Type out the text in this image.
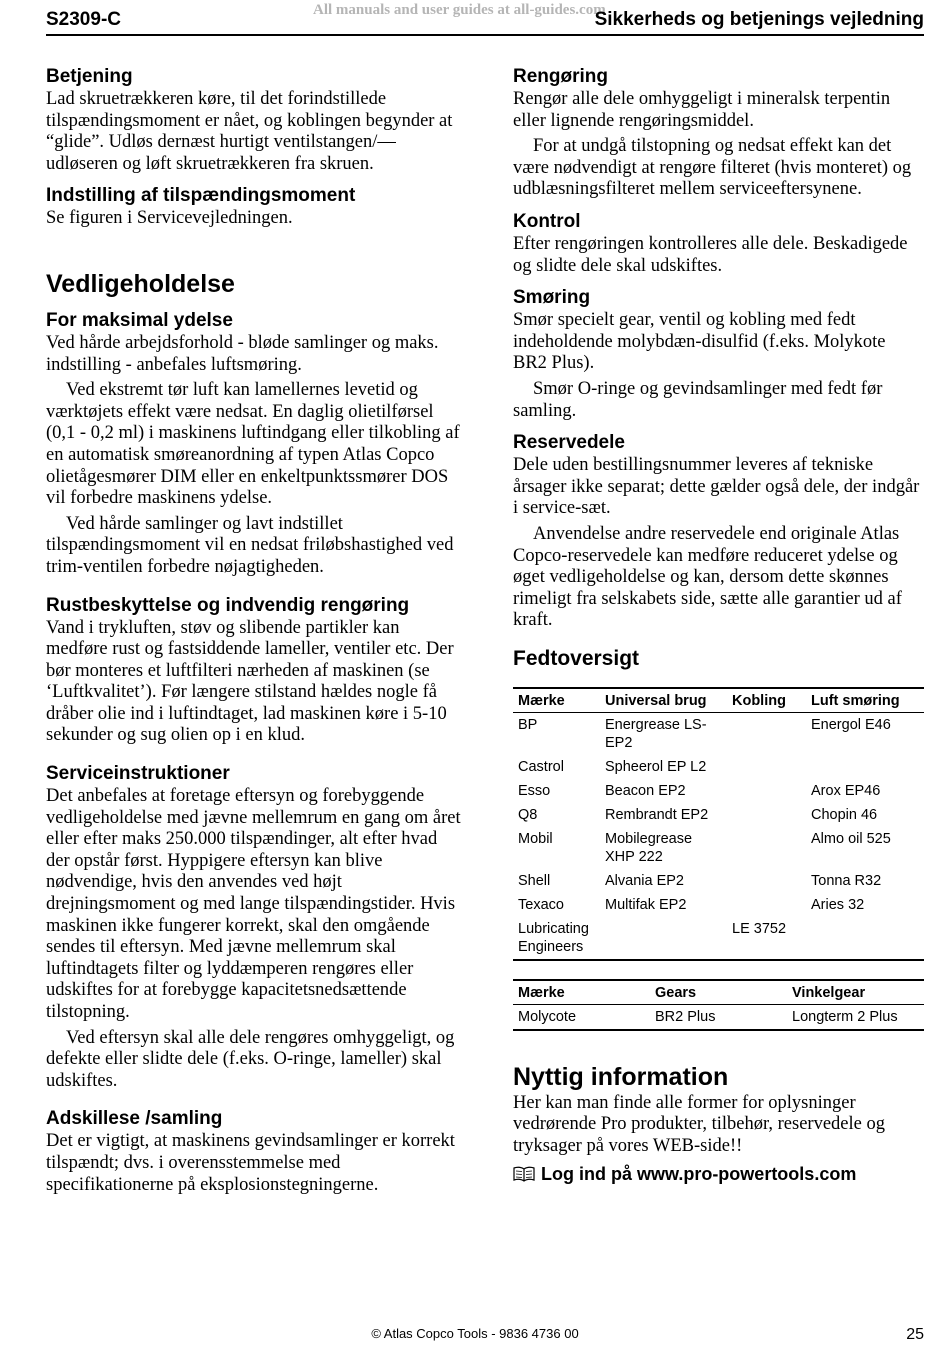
S2309-C	All manuals and user guides at all-guides.com
Sikkerheds og betjenings vejledning
Betjening

Lad skruetrækkeren køre, til det forindstillede tilspændingsmoment er nået, og koblingen begynder at “glide”. Udløs dernæst hurtigt ventilstangen/—udløseren og løft skruetrækkeren fra skruen.

Indstilling af tilspændingsmoment

Se figuren i Servicevejledningen.

Vedligeholdelse
For maksimal ydelse

Ved hårde arbejdsforhold - bløde samlinger og maks. indstilling - anbefales luftsmøring.

Ved ekstremt tør luft kan lamellernes levetid og værktøjets effekt være nedsat. En daglig olietilførsel (0,1 - 0,2 ml) i maskinens luftindgang eller tilkobling af en automatisk smøreanordning af typen Atlas Copco olietågesmører DIM eller en enkeltpunktssmører DOS vil forbedre maskinens ydelse.

Ved hårde samlinger og lavt indstillet tilspændingsmoment vil en nedsat friløbshastighed ved trim-ventilen forbedre nøjagtigheden.

Rustbeskyttelse og indvendig rengøring

Vand i trykluften, støv og slibende partikler kan medføre rust og fastsiddende lameller, ventiler etc. Der bør monteres et luftfilteri nærheden af maskinen (se ‘Luftkvalitet’). Før længere stilstand hældes nogle få dråber olie ind i luftindtaget, lad maskinen køre i 5-10 sekunder og sug olien op i en klud.

Serviceinstruktioner

Det anbefales at foretage eftersyn og forebyggende vedligeholdelse med jævne mellemrum en gang om året eller efter maks 250.000 tilspændinger, alt efter hvad der opstår først. Hyppigere eftersyn kan blive nødvendige, hvis den anvendes ved højt drejningsmoment og med lange tilspændingstider. Hvis maskinen ikke fungerer korrekt, skal den omgående sendes til eftersyn. Med jævne mellemrum skal luftindtagets filter og lyddæmperen rengøres eller udskiftes for at forebygge kapacitetsnedsættende tilstopning.

Ved eftersyn skal alle dele rengøres omhyggeligt, og defekte eller slidte dele (f.eks. O-ringe, lameller) skal udskiftes.

Adskillese /samling

Det er vigtigt, at maskinens gevindsamlinger er korrekt tilspændt; dvs. i overensstemmelse med specifikationerne på eksplosionstegningerne.

Rengøring

Rengør alle dele omhyggeligt i mineralsk terpentin eller lignende rengøringsmiddel.

For at undgå tilstopning og nedsat effekt kan det være nødvendigt at rengøre filteret (hvis monteret) og udblæsningsfilteret mellem serviceeftersynene.

Kontrol

Efter rengøringen kontrolleres alle dele. Beskadigede og slidte dele skal udskiftes.

Smøring

Smør specielt gear, ventil og kobling med fedt indeholdende molybdæn-disulfid (f.eks. Molykote BR2 Plus).

Smør O-ringe og gevindsamlinger med fedt før samling.

Reservedele

Dele uden bestillingsnummer leveres af tekniske årsager ikke separat; dette gælder også dele, der indgår i service-sæt.

Anvendelse andre reservedele end originale Atlas Copco-reservedele kan medføre reduceret ydelse og øget vedligeholdelse og kan, dersom dette skønnes rimeligt fra selskabets side, sætte alle garantier ud af kraft.

Fedtoversigt
Mærke	Universal brug	Kobling	Luft smøring
BP	Energrease LS-EP2		Energol E46
Castrol	Spheerol EP L2		
Esso	Beacon EP2		Arox EP46
Q8	Rembrandt EP2		Chopin 46
Mobil	Mobilegrease XHP 222		Almo oil 525
Shell	Alvania EP2		Tonna R32
Texaco	Multifak EP2		Aries 32
Lubricating Engineers		LE 3752	
Mærke	Gears	Vinkelgear
Molycote	BR2 Plus	Longterm 2 Plus
Nyttig information

Her kan man finde alle former for oplysninger vedrørende Pro produkter, tilbehør, reservedele og tryksager på vores WEB-side!!

Log ind på www.pro-powertools.com
© Atlas Copco Tools - 9836 4736 00	25
